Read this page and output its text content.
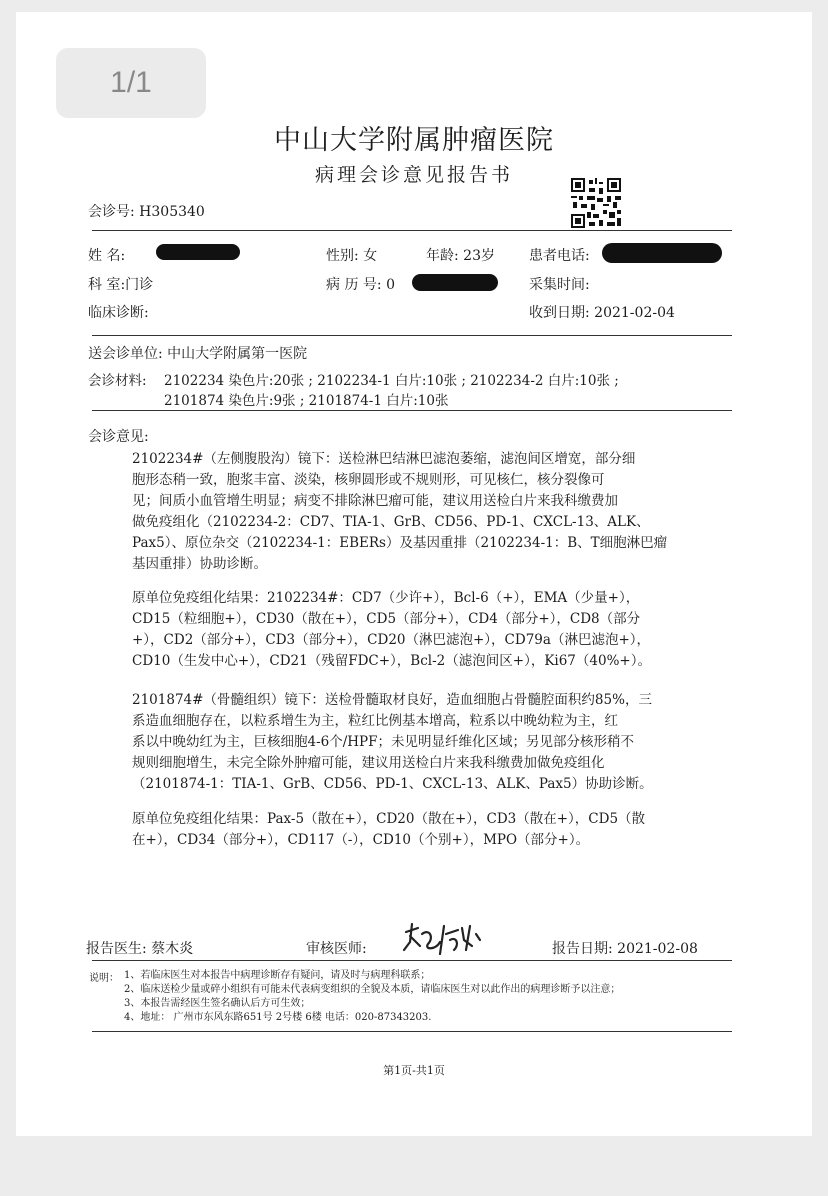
1/1
中山大学附属肿瘤医院
病理会诊意见报告书
会诊号: H305340
姓 名:	性别: 女	年龄: 23岁 患者电话:
科 室:门诊	病 历 号: 0	采集时间:
临床诊断:	收到日期: 2021-02-04
送会诊单位: 中山大学附属第一医院
会诊材料: 2102234 染色片:20张 ; 2102234-1 白片:10张 ; 2102234-2 白片:10张 ;
2101874 染色片:9张 ; 2101874-1 白片:10张
会诊意见:

2102234#（左侧腹股沟）镜下：送检淋巴结淋巴滤泡萎缩，滤泡间区增宽，部分细

胞形态稍一致，胞浆丰富、淡染，核卵圆形或不规则形，可见核仁，核分裂像可

见；间质小血管增生明显；病变不排除淋巴瘤可能，建议用送检白片来我科缴费加

做免疫组化（2102234-2：CD7、TIA-1、GrB、CD56、PD-1、CXCL-13、ALK、

Pax5）、原位杂交（2102234-1：EBERs）及基因重排（2102234-1：B、T细胞淋巴瘤

基因重排）协助诊断。

原单位免疫组化结果：2102234#：CD7（少许+），Bcl-6（+），EMA（少量+），

CD15（粒细胞+），CD30（散在+），CD5（部分+），CD4（部分+），CD8（部分

+），CD2（部分+），CD3（部分+），CD20（淋巴滤泡+），CD79a（淋巴滤泡+），

CD10（生发中心+），CD21（残留FDC+），Bcl-2（滤泡间区+），Ki67（40%+）。

2101874#（骨髓组织）镜下：送检骨髓取材良好，造血细胞占骨髓腔面积约85%，三

系造血细胞存在，以粒系增生为主，粒红比例基本增高，粒系以中晚幼粒为主，红

系以中晚幼红为主，巨核细胞4-6个/HPF；未见明显纤维化区域；另见部分核形稍不

规则细胞增生，未完全除外肿瘤可能，建议用送检白片来我科缴费加做免疫组化

（2101874-1：TIA-1、GrB、CD56、PD-1、CXCL-13、ALK、Pax5）协助诊断。

原单位免疫组化结果：Pax-5（散在+），CD20（散在+），CD3（散在+），CD5（散

在+），CD34（部分+），CD117（-），CD10（个别+），MPO（部分+）。

报告医生: 蔡木炎	审核医师:	报告日期: 2021-02-08
说明： 1、若临床医生对本报告中病理诊断存有疑问，请及时与病理科联系；
2、临床送检少量或碎小组织有可能未代表病变组织的全貌及本质，请临床医生对以此作出的病理诊断予以注意；
3、本报告需经医生签名确认后方可生效；
4、地址： 广州市东风东路651号 2号楼 6楼 电话：020-87343203.
第1页-共1页
